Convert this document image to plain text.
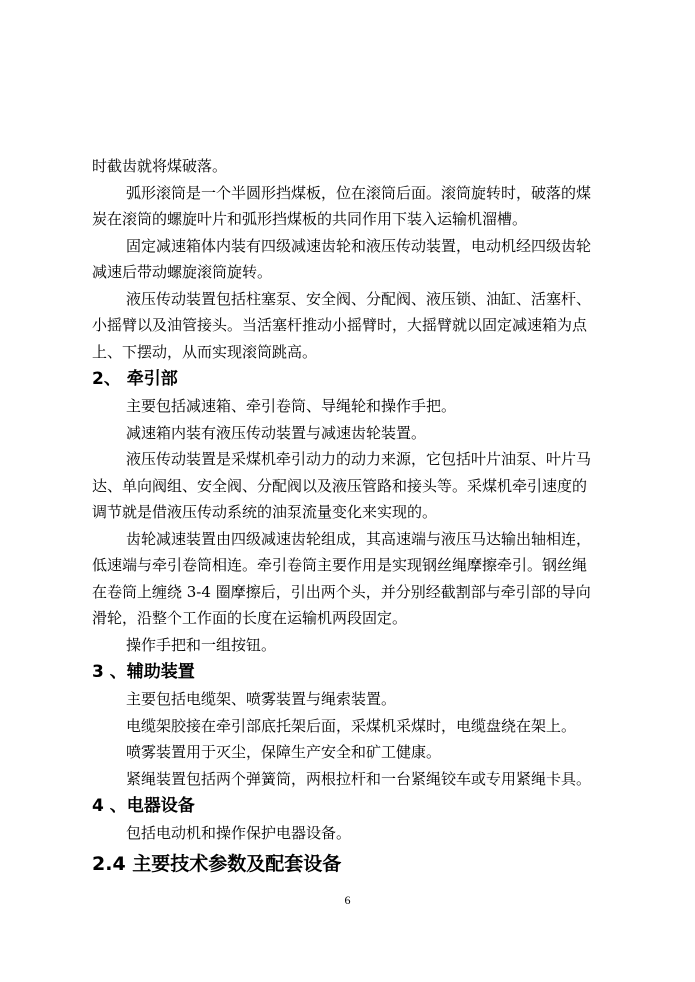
时截齿就将煤破落。
弧形滚筒是一个半圆形挡煤板，位在滚筒后面。滚筒旋转时，破落的煤
炭在滚筒的螺旋叶片和弧形挡煤板的共同作用下装入运输机溜槽。
固定减速箱体内装有四级减速齿轮和液压传动装置，电动机经四级齿轮
减速后带动螺旋滚筒旋转。
液压传动装置包括柱塞泵、安全阀、分配阀、液压锁、油缸、活塞杆、
小摇臂以及油管接头。当活塞杆推动小摇臂时，大摇臂就以固定减速箱为点
上、下摆动，从而实现滚筒跳高。
2、 牵引部
主要包括减速箱、牵引卷筒、导绳轮和操作手把。
减速箱内装有液压传动装置与减速齿轮装置。
液压传动装置是采煤机牵引动力的动力来源，它包括叶片油泵、叶片马
达、单向阀组、安全阀、分配阀以及液压管路和接头等。采煤机牵引速度的
调节就是借液压传动系统的油泵流量变化来实现的。
齿轮减速装置由四级减速齿轮组成，其高速端与液压马达输出轴相连，
低速端与牵引卷筒相连。牵引卷筒主要作用是实现钢丝绳摩擦牵引。钢丝绳
在卷筒上缠绕 3-4 圈摩擦后，引出两个头，并分别经截割部与牵引部的导向
滑轮，沿整个工作面的长度在运输机两段固定。
操作手把和一组按钮。
3 、辅助装置
主要包括电缆架、喷雾装置与绳索装置。
电缆架胶接在牵引部底托架后面，采煤机采煤时，电缆盘绕在架上。
喷雾装置用于灭尘，保障生产安全和矿工健康。
紧绳装置包括两个弹簧筒，两根拉杆和一台紧绳铰车或专用紧绳卡具。
4 、电器设备
包括电动机和操作保护电器设备。
2.4 主要技术参数及配套设备
6
